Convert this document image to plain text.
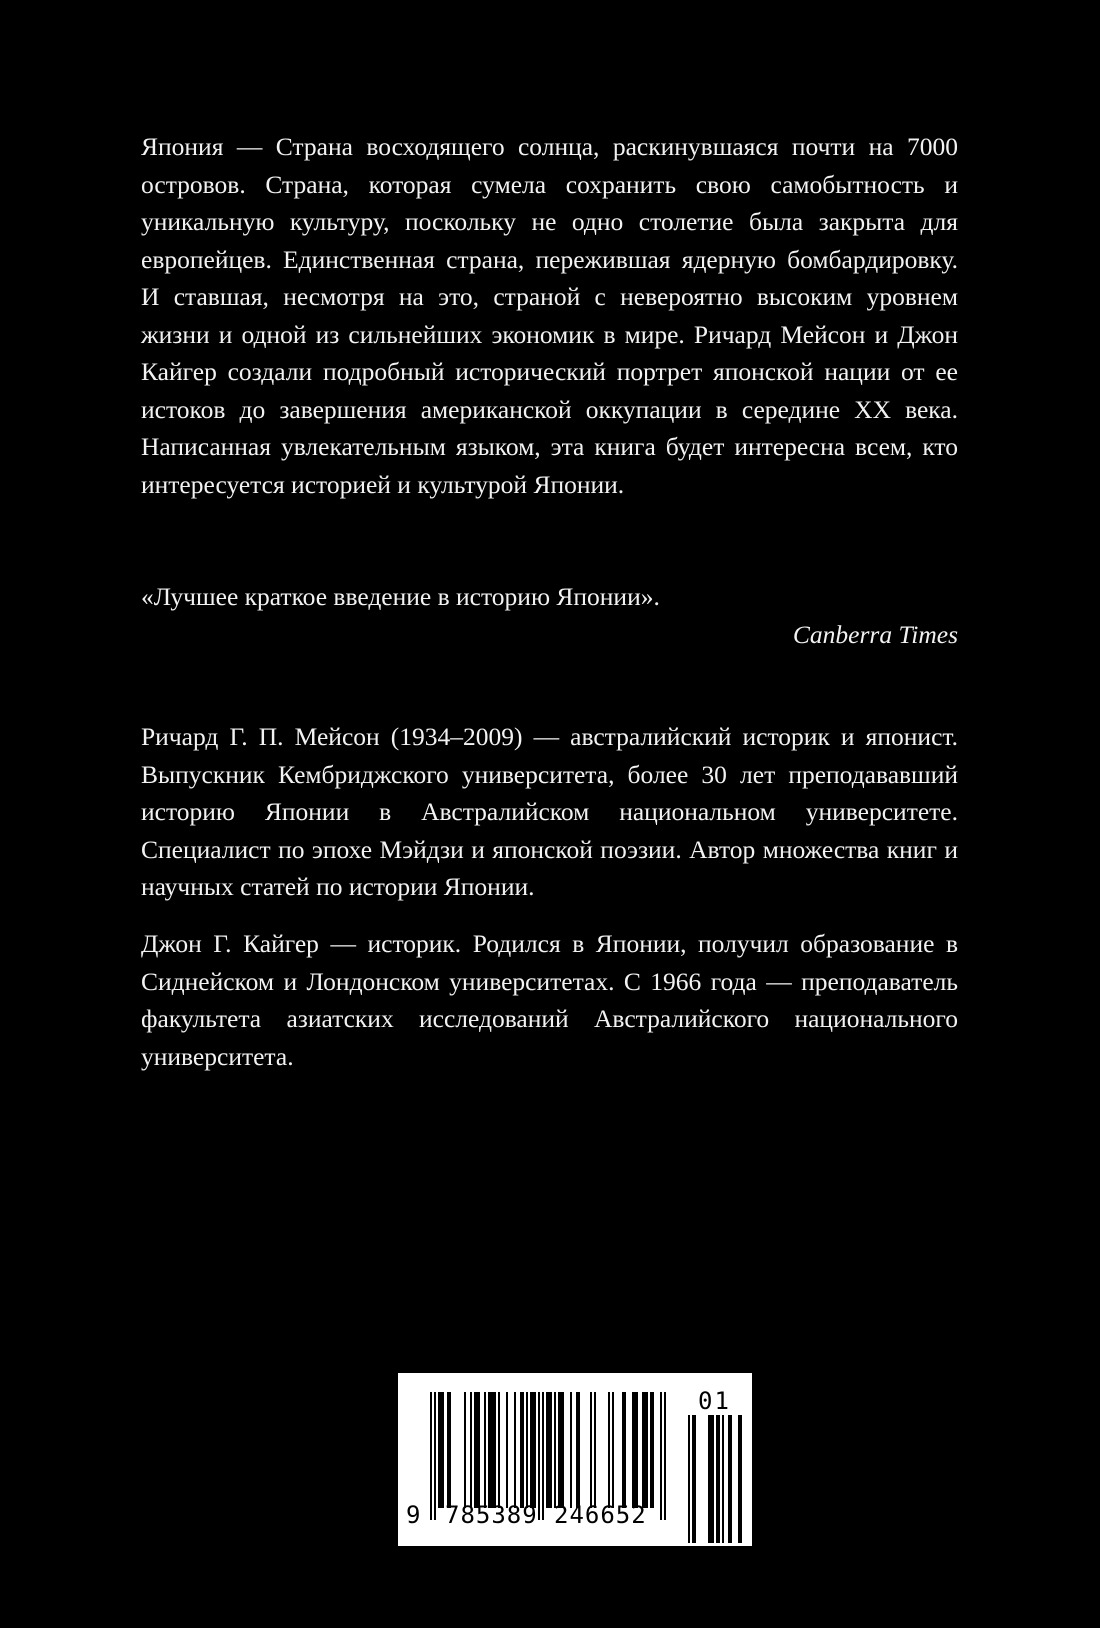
Япония — Страна восходящего солнца, раскинувшаяся почти на 7000 островов. Страна, которая сумела сохранить свою самобытность и уникальную культуру, поскольку не одно столетие была закрыта для европейцев. Единственная страна, пережившая ядерную бомбардировку. И ставшая, несмотря на это, страной с невероятно высоким уровнем жизни и одной из сильнейших экономик в мире. Ричард Мейсон и Джон Кайгер создали подробный исторический портрет японской нации от ее истоков до завершения американской оккупации в середине XX века. Написанная увлекательным языком, эта книга будет интересна всем, кто интересуется историей и культурой Японии.

«Лучшее краткое введение в историю Японии».

Canberra Times

Ричард Г. П. Мейсон (1934–2009) — австралийский историк и японист. Выпускник Кембриджского университета, более 30 лет преподававший историю Японии в Австралийском национальном университете. Специалист по эпохе Мэйдзи и японской поэзии. Автор множества книг и научных статей по истории Японии.

Джон Г. Кайгер — историк. Родился в Японии, получил образование в Сиднейском и Лондонском университетах. С 1966 года — преподаватель факультета азиатских исследований Австралийского национального университета.

9 785389 246652
01
